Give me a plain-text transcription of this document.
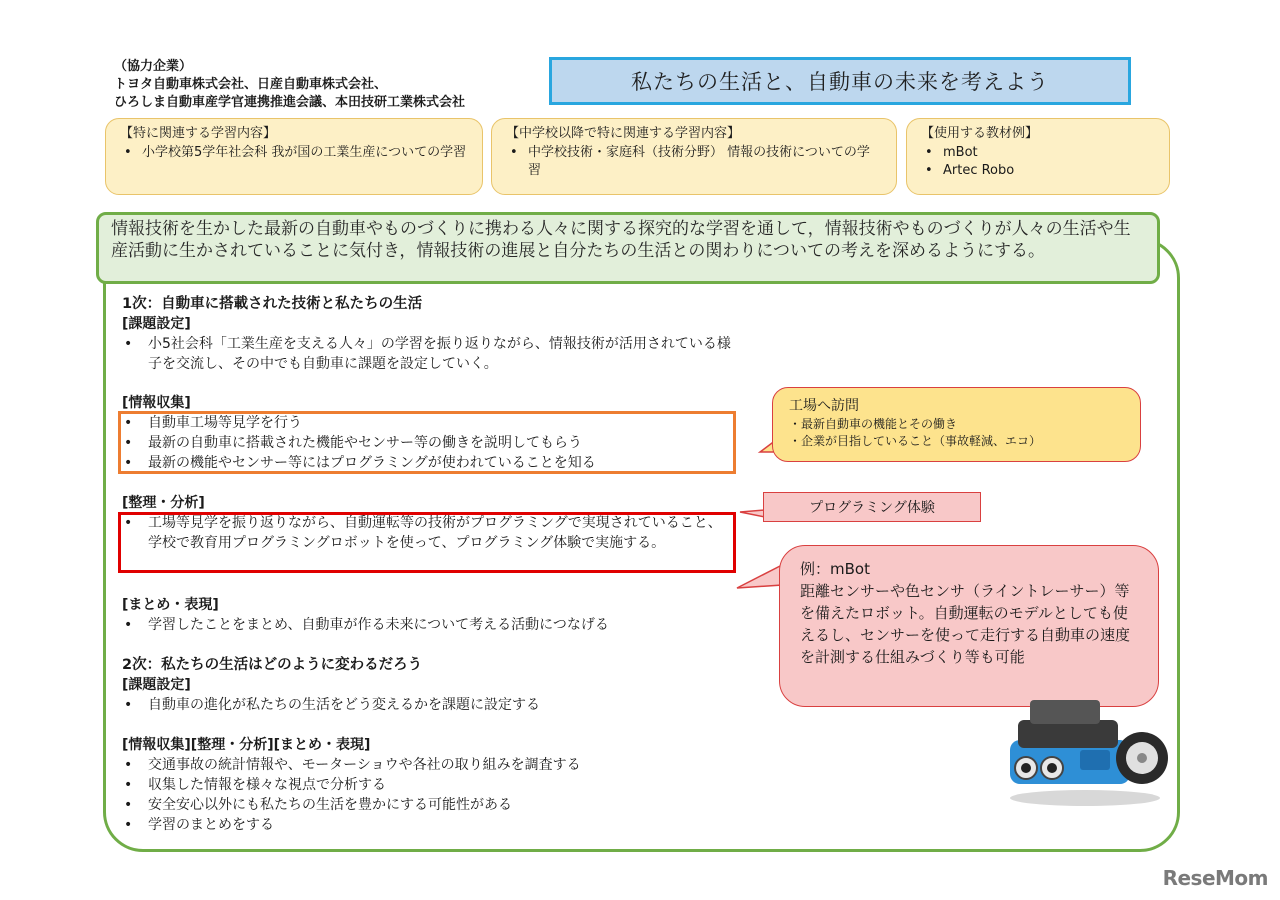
（協力企業）
トヨタ自動車株式会社、日産自動車株式会社、
ひろしま自動車産学官連携推進会議、本田技研工業株式会社
私たちの生活と、自動車の未来を考えよう
【特に関連する学習内容】
• 小学校第5学年社会科 我が国の工業生産についての学習
【中学校以降で特に関連する学習内容】
• 中学校技術・家庭科（技術分野） 情報の技術についての学習
【使用する教材例】
• mBot
• Artec Robo
情報技術を生かした最新の自動車やものづくりに携わる人々に関する探究的な学習を通して，情報技術やものづくりが人々の生活や生産活動に生かされていることに気付き，情報技術の進展と自分たちの生活との関わりについての考えを深めるようにする。
1次：自動車に搭載された技術と私たちの生活
[課題設定]
• 小5社会科「工業生産を支える人々」の学習を振り返りながら、情報技術が活用されている様子を交流し、その中でも自動車に課題を設定していく。
[情報収集]
• 自動車工場等見学を行う
• 最新の自動車に搭載された機能やセンサー等の働きを説明してもらう
• 最新の機能やセンサー等にはプログラミングが使われていることを知る
[整理・分析]
• 工場等見学を振り返りながら、自動運転等の技術がプログラミングで実現されていること、学校で教育用プログラミングロボットを使って、プログラミング体験で実施する。
[まとめ・表現]
• 学習したことをまとめ、自動車が作る未来について考える活動につなげる
2次：私たちの生活はどのように変わるだろう
[課題設定]
• 自動車の進化が私たちの生活をどう変えるかを課題に設定する
[情報収集][整理・分析][まとめ・表現]
• 交通事故の統計情報や、モーターショウや各社の取り組みを調査する
• 収集した情報を様々な視点で分析する
• 安全安心以外にも私たちの生活を豊かにする可能性がある
• 学習のまとめをする
工場へ訪問
・最新自動車の機能とその働き
・企業が目指していること（事故軽減、エコ）
プログラミング体験
例：mBot
距離センサーや色センサ（ライントレーサー）等を備えたロボット。自動運転のモデルとしても使えるし、センサーを使って走行する自動車の速度を計測する仕組みづくり等も可能
ReseMom
